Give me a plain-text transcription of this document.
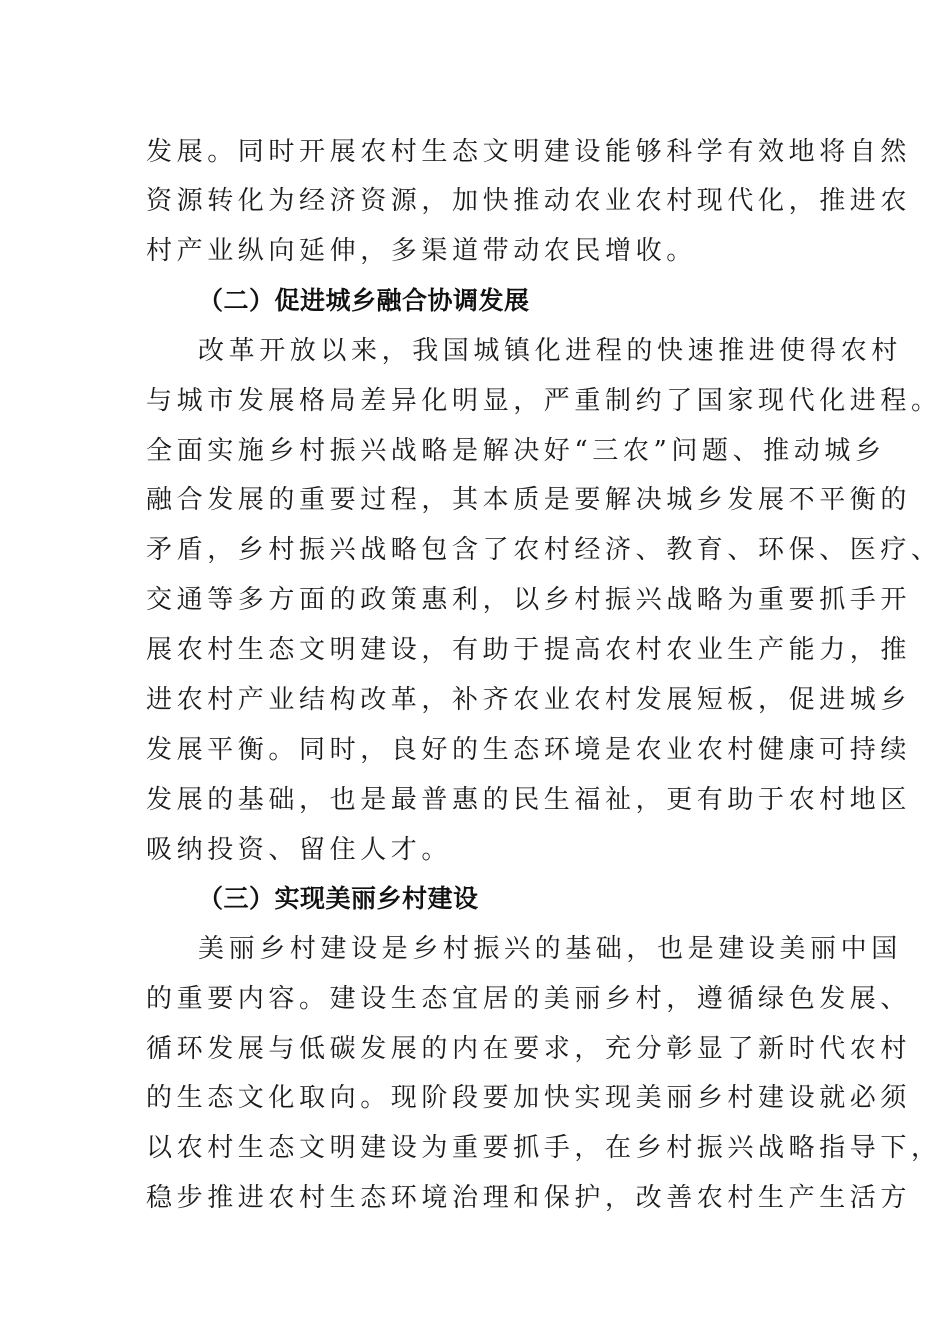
发展。同时开展农村生态文明建设能够科学有效地将自然
资源转化为经济资源，加快推动农业农村现代化，推进农
村产业纵向延伸，多渠道带动农民增收。
（二）促进城乡融合协调发展
改革开放以来，我国城镇化进程的快速推进使得农村
与城市发展格局差异化明显，严重制约了国家现代化进程。
全面实施乡村振兴战略是解决好“三农”问题、推动城乡
融合发展的重要过程，其本质是要解决城乡发展不平衡的
矛盾，乡村振兴战略包含了农村经济、教育、环保、医疗、
交通等多方面的政策惠利，以乡村振兴战略为重要抓手开
展农村生态文明建设，有助于提高农村农业生产能力，推
进农村产业结构改革，补齐农业农村发展短板，促进城乡
发展平衡。同时，良好的生态环境是农业农村健康可持续
发展的基础，也是最普惠的民生福祉，更有助于农村地区
吸纳投资、留住人才。
（三）实现美丽乡村建设
美丽乡村建设是乡村振兴的基础，也是建设美丽中国
的重要内容。建设生态宜居的美丽乡村，遵循绿色发展、
循环发展与低碳发展的内在要求，充分彰显了新时代农村
的生态文化取向。现阶段要加快实现美丽乡村建设就必须
以农村生态文明建设为重要抓手，在乡村振兴战略指导下，
稳步推进农村生态环境治理和保护，改善农村生产生活方
